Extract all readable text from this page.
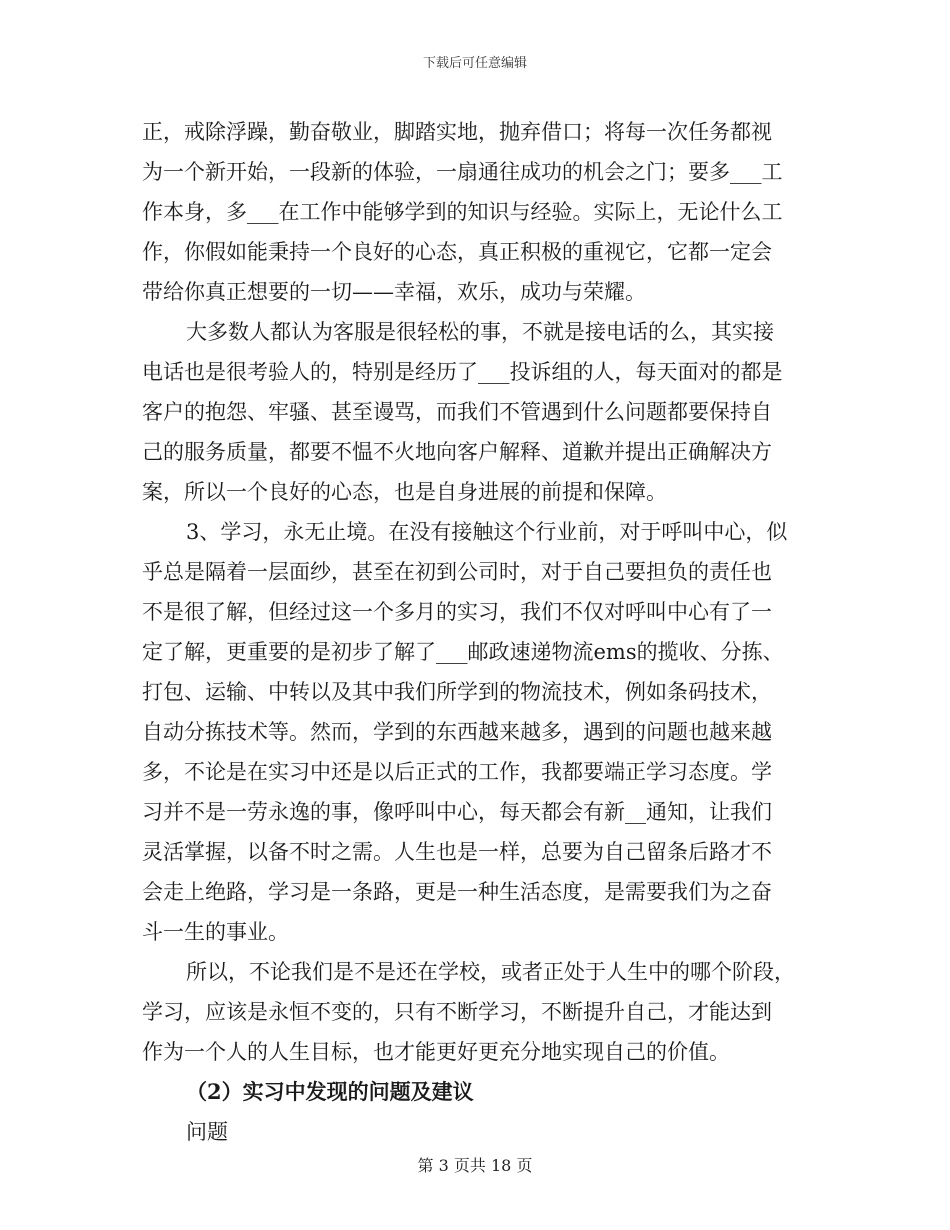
下载后可任意编辑
正，戒除浮躁，勤奋敬业，脚踏实地，抛弃借口；将每一次任务都视
为一个新开始，一段新的体验，一扇通往成功的机会之门；要多___工
作本身，多___在工作中能够学到的知识与经验。实际上，无论什么工
作，你假如能秉持一个良好的心态，真正积极的重视它，它都一定会
带给你真正想要的一切——幸福，欢乐，成功与荣耀。
大多数人都认为客服是很轻松的事，不就是接电话的么，其实接
电话也是很考验人的，特别是经历了___投诉组的人，每天面对的都是
客户的抱怨、牢骚、甚至谩骂，而我们不管遇到什么问题都要保持自
己的服务质量，都要不愠不火地向客户解释、道歉并提出正确解决方
案，所以一个良好的心态，也是自身进展的前提和保障。
3、学习，永无止境。在没有接触这个行业前，对于呼叫中心，似
乎总是隔着一层面纱，甚至在初到公司时，对于自己要担负的责任也
不是很了解，但经过这一个多月的实习，我们不仅对呼叫中心有了一
定了解，更重要的是初步了解了___邮政速递物流ems的揽收、分拣、
打包、运输、中转以及其中我们所学到的物流技术，例如条码技术，
自动分拣技术等。然而，学到的东西越来越多，遇到的问题也越来越
多，不论是在实习中还是以后正式的工作，我都要端正学习态度。学
习并不是一劳永逸的事，像呼叫中心，每天都会有新__通知，让我们
灵活掌握，以备不时之需。人生也是一样，总要为自己留条后路才不
会走上绝路，学习是一条路，更是一种生活态度，是需要我们为之奋
斗一生的事业。
所以，不论我们是不是还在学校，或者正处于人生中的哪个阶段，
学习，应该是永恒不变的，只有不断学习，不断提升自己，才能达到
作为一个人的人生目标，也才能更好更充分地实现自己的价值。
（2）实习中发现的问题及建议
问题
第 3 页共 18 页
